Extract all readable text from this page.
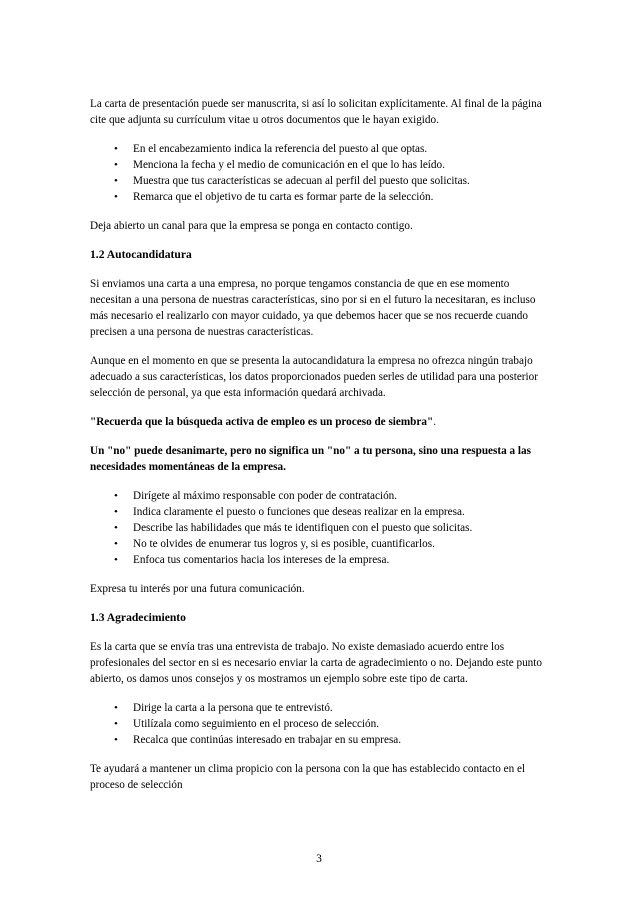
La carta de presentación puede ser manuscrita, si así lo solicitan explícitamente. Al final de la página cite que adjunta su currículum vitae u otros documentos que le hayan exigido.

• En el encabezamiento indica la referencia del puesto al que optas.
• Menciona la fecha y el medio de comunicación en el que lo has leído.
• Muestra que tus características se adecuan al perfil del puesto que solicitas.
• Remarca que el objetivo de tu carta es formar parte de la selección.

Deja abierto un canal para que la empresa se ponga en contacto contigo.

1.2 Autocandidatura

Si enviamos una carta a una empresa, no porque tengamos constancia de que en ese momento necesitan a una persona de nuestras características, sino por si en el futuro la necesitaran, es incluso más necesario el realizarlo con mayor cuidado, ya que debemos hacer que se nos recuerde cuando precisen a una persona de nuestras características.

Aunque en el momento en que se presenta la autocandidatura la empresa no ofrezca ningún trabajo adecuado a sus características, los datos proporcionados pueden serles de utilidad para una posterior selección de personal, ya que esta información quedará archivada.

"Recuerda que la búsqueda activa de empleo es un proceso de siembra".

Un "no" puede desanimarte, pero no significa un "no" a tu persona, sino una respuesta a las necesidades momentáneas de la empresa.

• Dirígete al máximo responsable con poder de contratación.
• Indica claramente el puesto o funciones que deseas realizar en la empresa.
• Describe las habilidades que más te identifiquen con el puesto que solicitas.
• No te olvides de enumerar tus logros y, si es posible, cuantificarlos.
• Enfoca tus comentarios hacia los intereses de la empresa.

Expresa tu interés por una futura comunicación.

1.3 Agradecimiento

Es la carta que se envía tras una entrevista de trabajo. No existe demasiado acuerdo entre los profesionales del sector en si es necesario enviar la carta de agradecimiento o no. Dejando este punto abierto, os damos unos consejos y os mostramos un ejemplo sobre este tipo de carta.

• Dirige la carta a la persona que te entrevistó.
• Utilízala como seguimiento en el proceso de selección.
• Recalca que continúas interesado en trabajar en su empresa.

Te ayudará a mantener un clima propicio con la persona con la que has establecido contacto en el proceso de selección

3
